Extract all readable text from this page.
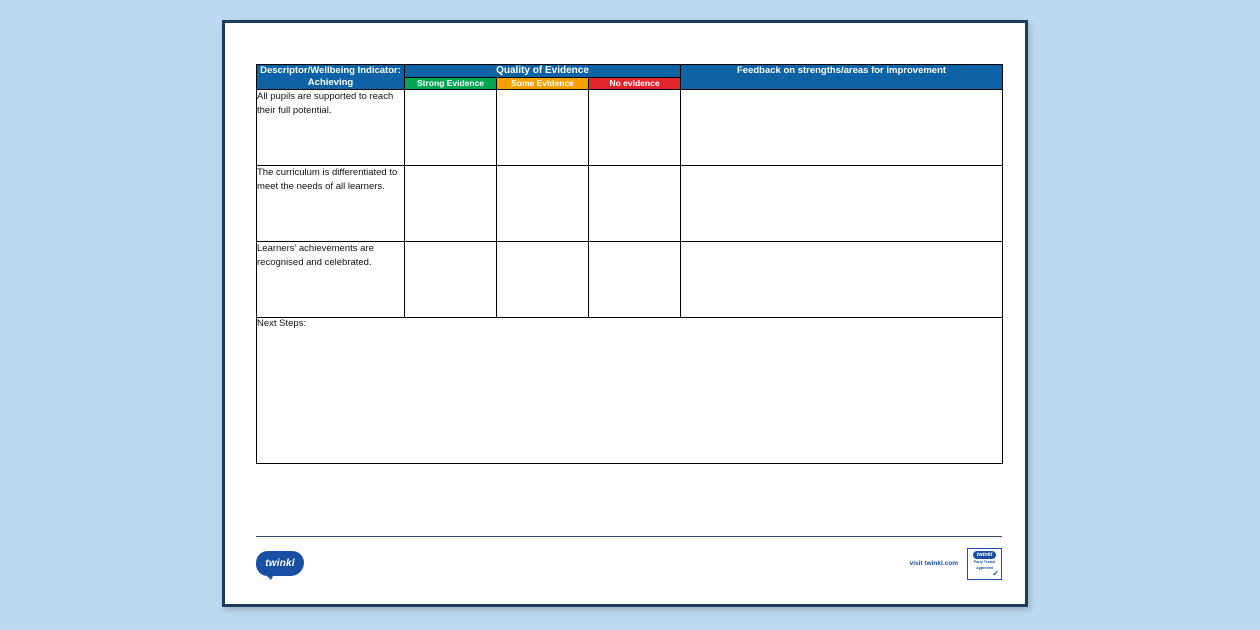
Descriptor/Wellbeing Indicator: Achieving	Quality of Evidence			Feedback on strengths/areas for improvement
	Strong Evidence	Some Evidence	No evidence	
All pupils are supported to reach their full potential.				
The curriculum is differentiated to meet the needs of all learners.				
Learners’ achievements are recognised and celebrated.				
Next Steps:				
twinkl	visit twinkl.com
twinkl
Party Tested
Approved
✓
